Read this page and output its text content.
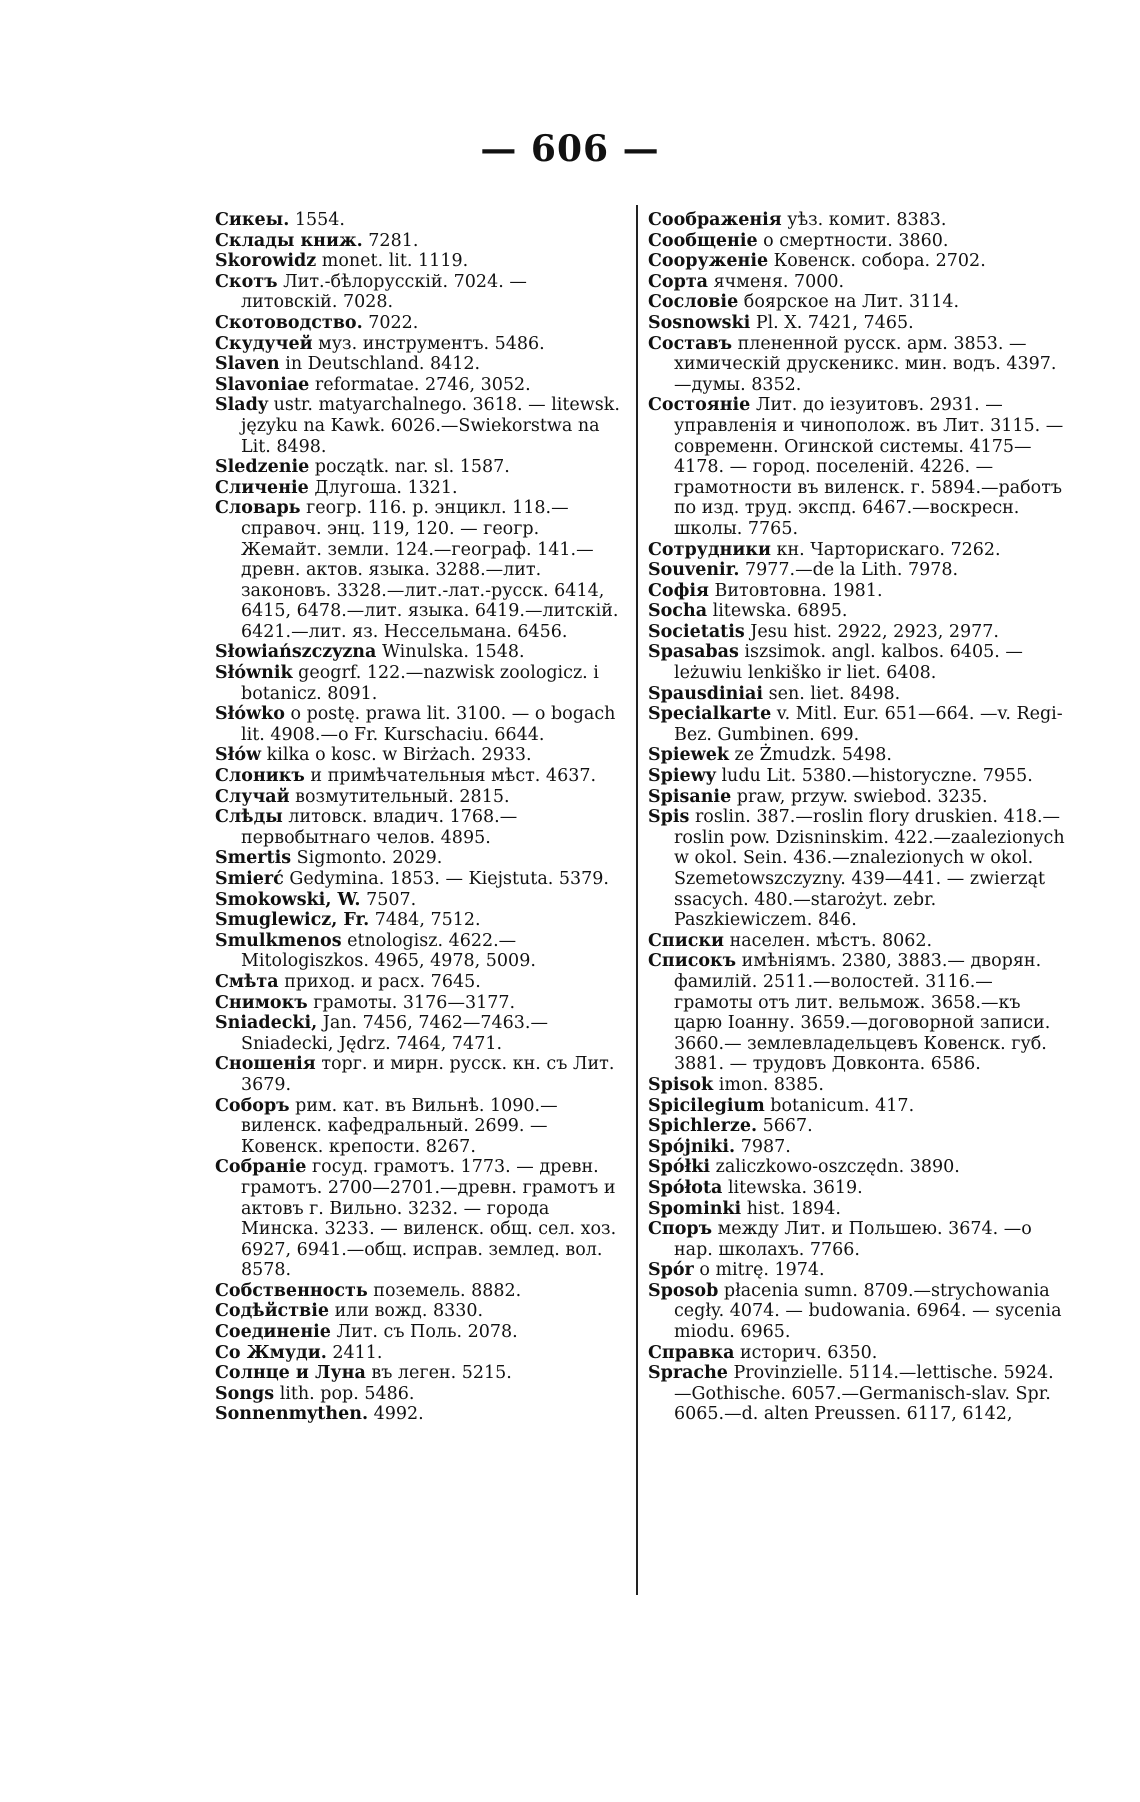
— 606 —

Сикеы. 1554.

Склады книж. 7281.

Skorowidz monet. lit. 1119.

Скотъ Лит.-бѣлорусскій. 7024. — литовскій. 7028.

Скотоводство. 7022.

Скудучей муз. инструментъ. 5486.

Slaven in Deutschland. 8412.

Slavoniae reformatae. 2746, 3052.

Slady ustr. matyarchalnego. 3618. — litewsk. języku na Kawk. 6026.—Swiekorstwa na Lit. 8498.

Sledzenie początk. nar. sl. 1587.

Сличеніе Длугоша. 1321.

Словарь геогр. 116. р. энцикл. 118.— справоч. энц. 119, 120. — геогр. Жемайт. земли. 124.—географ. 141.—древн. актов. языка. 3288.—лит. законовъ. 3328.—лит.-лат.-русск. 6414, 6415, 6478.—лит. языка. 6419.—литскій. 6421.—лит. яз. Нессельмана. 6456.

Słowiańszczyzna Winulska. 1548.

Słównik geogrf. 122.—nazwisk zoologicz. i botanicz. 8091.

Słówko o postę. prawa lit. 3100. — o bogach lit. 4908.—o Fr. Kurschaciu. 6644.

Słów kilka o kosc. w Birżach. 2933.

Слоникъ и примѣчательныя мѣст. 4637.

Случай возмутительный. 2815.

Слѣды литовск. владич. 1768.— первобытнаго челов. 4895.

Smertis Sigmonto. 2029.

Smierć Gedymina. 1853. — Kiejstuta. 5379.

Smokowski, W. 7507.

Smuglewicz, Fr. 7484, 7512.

Smulkmenos etnologisz. 4622.—Mitologiszkos. 4965, 4978, 5009.

Смѣта приход. и расх. 7645.

Снимокъ грамоты. 3176—3177.

Sniadecki, Jan. 7456, 7462—7463.— Sniadecki, Jędrz. 7464, 7471.

Сношенія торг. и мирн. русск. кн. съ Лит. 3679.

Соборъ рим. кат. въ Вильнѣ. 1090.— виленск. кафедральный. 2699. — Ковенск. крепости. 8267.

Собраніе госуд. грамотъ. 1773. — древн. грамотъ. 2700—2701.—древн. грамотъ и актовъ г. Вильно. 3232. — города Минска. 3233. — виленск. общ. сел. хоз. 6927, 6941.—общ. исправ. землед. вол. 8578.

Собственность поземель. 8882.

Содѣйствіе или вожд. 8330.

Соединеніе Лит. съ Поль. 2078.

Со Жмуди. 2411.

Солнце и Луна въ леген. 5215.

Songs lith. pop. 5486.

Sonnenmythen. 4992.

Соображенія уѣз. комит. 8383.

Сообщеніе о смертности. 3860.

Сооруженіе Ковенск. собора. 2702.

Сорта ячменя. 7000.

Сословіе боярское на Лит. 3114.

Sosnowski Pl. X. 7421, 7465.

Составъ плененной русск. арм. 3853. —химическій друскеникс. мин. водъ. 4397. —думы. 8352.

Состояніе Лит. до іезуитовъ. 2931. —управленія и чинополож. въ Лит. 3115. — современн. Огинской системы. 4175—4178. — город. поселеній. 4226. — грамотности въ виленск. г. 5894.—работъ по изд. труд. экспд. 6467.—воскресн. школы. 7765.

Сотрудники кн. Чарторискаго. 7262.

Souvenir. 7977.—de la Lith. 7978.

Софія Витовтовна. 1981.

Socha litewska. 6895.

Societatis Jesu hist. 2922, 2923, 2977.

Spasabas iszsimok. angl. kalbos. 6405. —leżuwiu lenkiško ir liet. 6408.

Spausdiniai sen. liet. 8498.

Specialkarte v. Mitl. Eur. 651—664. —v. Regi-Bez. Gumbinen. 699.

Spiewek ze Żmudzk. 5498.

Spiewy ludu Lit. 5380.—historyczne. 7955.

Spisanie praw, przyw. swiebod. 3235.

Spis roslin. 387.—roslin flory druskien. 418.—roslin pow. Dzisninskim. 422.—zaalezionych w okol. Sein. 436.—znalezionych w okol. Szemetowszczyzny. 439—441. — zwierząt ssacych. 480.—starożyt. zebr. Paszkiewiczem. 846.

Списки населен. мѣстъ. 8062.

Списокъ имѣніямъ. 2380, 3883.— дворян. фамилій. 2511.—волостей. 3116.— грамоты отъ лит. вельмож. 3658.—къ царю Ioанну. 3659.—договорной записи. 3660.— землевладельцевъ Ковенск. губ. 3881. — трудовъ Довконта. 6586.

Spisok imon. 8385.

Spicilegium botanicum. 417.

Spichlerze. 5667.

Spójniki. 7987.

Spółki zaliczkowo-oszczędn. 3890.

Spółota litewska. 3619.

Spominki hist. 1894.

Споръ между Лит. и Польшею. 3674. —о нар. школахъ. 7766.

Spór o mitrę. 1974.

Sposob płacenia sumn. 8709.—strychowania cegły. 4074. — budowania. 6964. — sycenia miodu. 6965.

Справка историч. 6350.

Sprache Provinzielle. 5114.—lettische. 5924.—Gothische. 6057.—Germanisch-slav. Spr. 6065.—d. alten Preussen. 6117, 6142,
